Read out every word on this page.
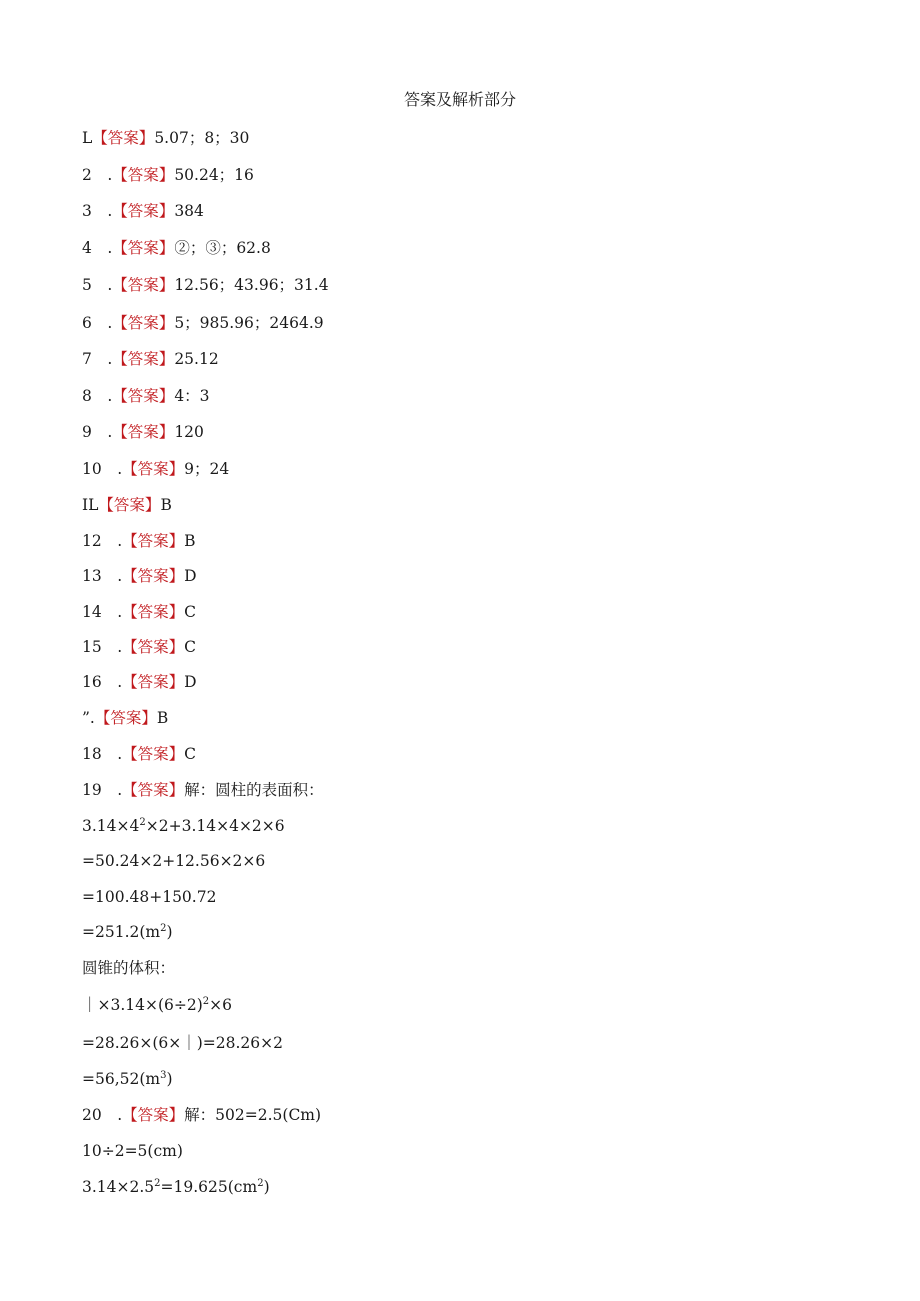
答案及解析部分
L【答案】5.07；8；30
2　.【答案】50.24；16
3　.【答案】384
4　.【答案】②；③；62.8
5　.【答案】12.56；43.96；31.4
6　.【答案】5；985.96；2464.9
7　.【答案】25.12
8　.【答案】4：3
9　.【答案】120
10　.【答案】9；24
IL【答案】B
12　.【答案】B
13　.【答案】D
14　.【答案】C
15　.【答案】C
16　.【答案】D
”.【答案】B
18　.【答案】C
19　.【答案】解：圆柱的表面积：
$3.14\times 4^2\times 2+3.14\times 4\times 2\times 6$
=50.24×2+12.56×2×6
=100.48+150.72
$=251.2(m^2)$
圆锥的体积：
$|\times 3.14\times(6\div 2)^2\times 6$
=28.26×(6×｜)=28.26×2
$=56,52(m^3)$
20　.【答案】解：502=2.5(Cm)
10÷2=5(cm)
$3.14\times 2.5^2=19.625(cm^2)$
